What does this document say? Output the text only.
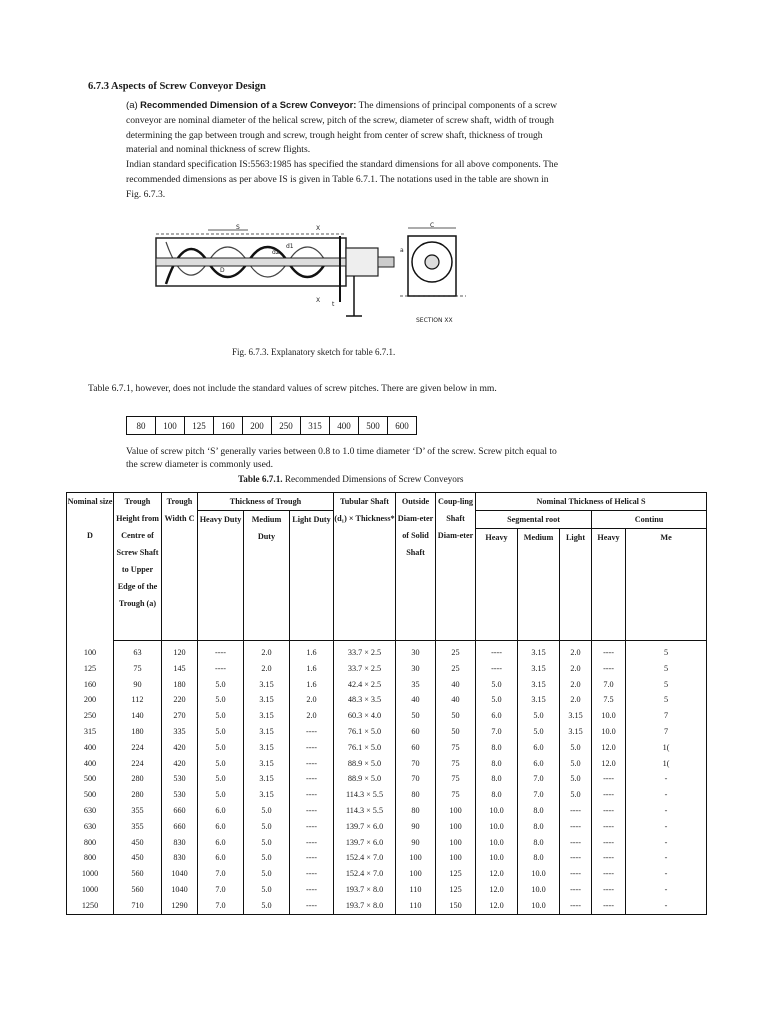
6.7.3 Aspects of Screw Conveyor Design
(a) Recommended Dimension of a Screw Conveyor: The dimensions of principal components of a screw conveyor are nominal diameter of the helical screw, pitch of the screw, diameter of screw shaft, width of trough determining the gap between trough and screw, trough height from center of screw shaft, thickness of trough material and nominal thickness of screw flights.
Indian standard specification IS:5563:1985 has specified the standard dimensions for all above components. The recommended dimensions as per above IS is given in Table 6.7.1. The notations used in the table are shown in Fig. 6.7.3.
S	X
X
d1
d2
D
t
C
a
SECTION XX
Fig. 6.7.3. Explanatory sketch for table 6.7.1.
Table 6.7.1, however, does not include the standard values of screw pitches. There are given below in mm.
80	100	125	160	200	250	315	400	500	600
Value of screw pitch ‘S’ generally varies between 0.8 to 1.0 time diameter ‘D’ of the screw. Screw pitch equal to the screw diameter is commonly used.
Table 6.7.1. Recommended Dimensions of Screw Conveyors
Nominal size

D	Trough Height from Centre of Screw Shaft to Upper Edge of the Trough (a)	Trough Width C	Thickness of Trough			Tubular Shaft (d₁) × Thickness*	Outside Diam-eter of Solid Shaft	Coup-ling Shaft Diam-eter	Nominal Thickness of Helical S				
			Heavy Duty	Medium Duty	Light Duty				Segmental root			Continu	
									Heavy	Medium	Light	Heavy	Me
100	63	120	----	2.0	1.6	33.7 × 2.5	30	25	----	3.15	2.0	----	5
125	75	145	----	2.0	1.6	33.7 × 2.5	30	25	----	3.15	2.0	----	5
160	90	180	5.0	3.15	1.6	42.4 × 2.5	35	40	5.0	3.15	2.0	7.0	5
200	112	220	5.0	3.15	2.0	48.3 × 3.5	40	40	5.0	3.15	2.0	7.5	5
250	140	270	5.0	3.15	2.0	60.3 × 4.0	50	50	6.0	5.0	3.15	10.0	7
315	180	335	5.0	3.15	----	76.1 × 5.0	60	50	7.0	5.0	3.15	10.0	7
400	224	420	5.0	3.15	----	76.1 × 5.0	60	75	8.0	6.0	5.0	12.0	1(
400	224	420	5.0	3.15	----	88.9 × 5.0	70	75	8.0	6.0	5.0	12.0	1(
500	280	530	5.0	3.15	----	88.9 × 5.0	70	75	8.0	7.0	5.0	----	-
500	280	530	5.0	3.15	----	114.3 × 5.5	80	75	8.0	7.0	5.0	----	-
630	355	660	6.0	5.0	----	114.3 × 5.5	80	100	10.0	8.0	----	----	-
630	355	660	6.0	5.0	----	139.7 × 6.0	90	100	10.0	8.0	----	----	-
800	450	830	6.0	5.0	----	139.7 × 6.0	90	100	10.0	8.0	----	----	-
800	450	830	6.0	5.0	----	152.4 × 7.0	100	100	10.0	8.0	----	----	-
1000	560	1040	7.0	5.0	----	152.4 × 7.0	100	125	12.0	10.0	----	----	-
1000	560	1040	7.0	5.0	----	193.7 × 8.0	110	125	12.0	10.0	----	----	-
1250	710	1290	7.0	5.0	----	193.7 × 8.0	110	150	12.0	10.0	----	----	-
